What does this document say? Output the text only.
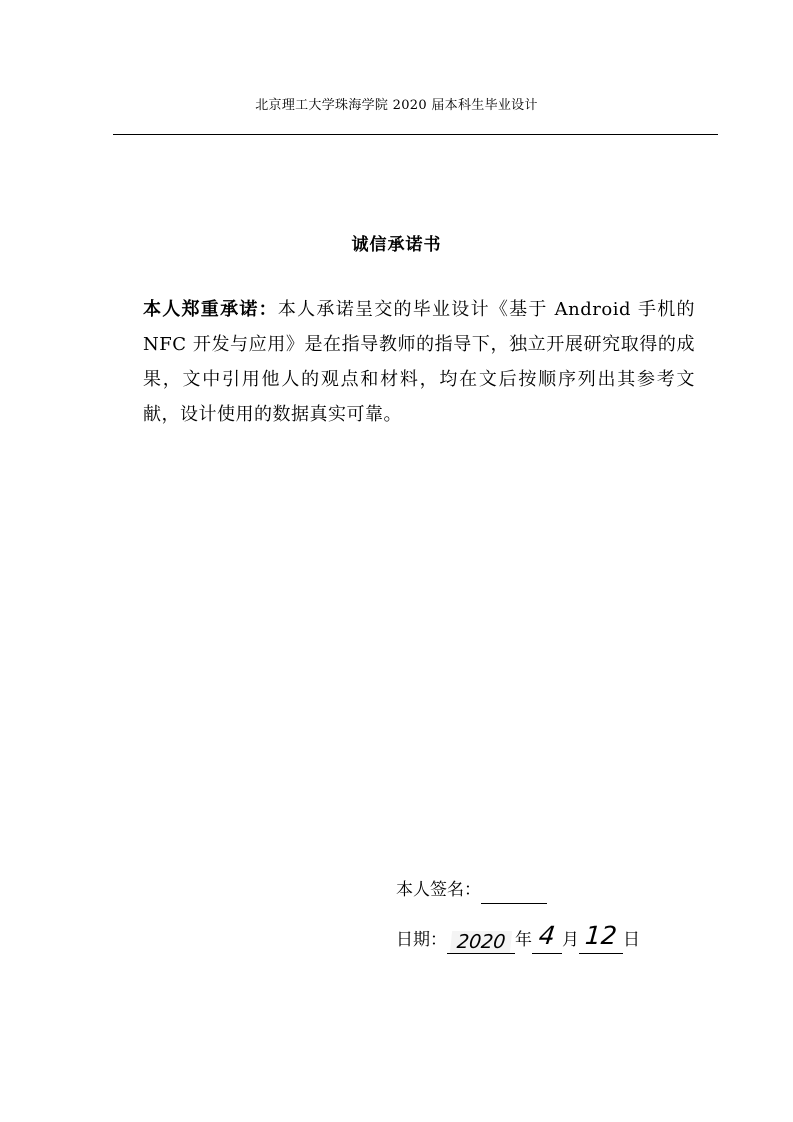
北京理工大学珠海学院 2020 届本科生毕业设计
诚信承诺书

本人郑重承诺：本人承诺呈交的毕业设计《基于 Android 手机的 NFC 开发与应用》是在指导教师的指导下，独立开展研究取得的成果，文中引用他人的观点和材料，均在文后按顺序列出其参考文献，设计使用的数据真实可靠。

本人签名：
日期： 2020 年 4 月 12 日
